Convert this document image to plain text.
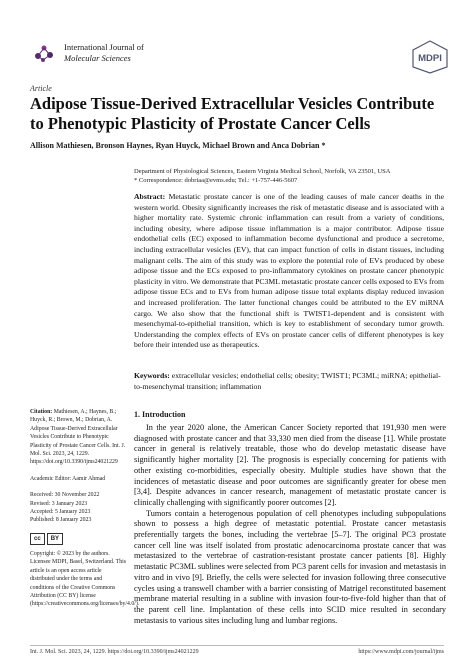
International Journal of
Molecular Sciences	MDPI
Article
Adipose Tissue-Derived Extracellular Vesicles Contribute to Phenotypic Plasticity of Prostate Cancer Cells
Allison Mathiesen, Bronson Haynes, Ryan Huyck, Michael Brown and Anca Dobrian *
Department of Physiological Sciences, Eastern Virginia Medical School, Norfolk, VA 23501, USA
* Correspondence: dobriaa@evms.edu; Tel.: +1-757-446-5607
Abstract: Metastatic prostate cancer is one of the leading causes of male cancer deaths in the western world. Obesity significantly increases the risk of metastatic disease and is associated with a higher mortality rate. Systemic chronic inflammation can result from a variety of conditions, including obesity, where adipose tissue inflammation is a major contributor. Adipose tissue endothelial cells (EC) exposed to inflammation become dysfunctional and produce a secretome, including extracellular vesicles (EV), that can impact function of cells in distant tissues, including malignant cells. The aim of this study was to explore the potential role of EVs produced by obese adipose tissue and the ECs exposed to pro-inflammatory cytokines on prostate cancer phenotypic plasticity in vitro. We demonstrate that PC3ML metastatic prostate cancer cells exposed to EVs from adipose tissue ECs and to EVs from human adipose tissue total explants display reduced invasion and increased proliferation. The latter functional changes could be attributed to the EV miRNA cargo. We also show that the functional shift is TWIST1-dependent and is consistent with mesenchymal-to-epithelial transition, which is key to establishment of secondary tumor growth. Understanding the complex effects of EVs on prostate cancer cells of different phenotypes is key before their intended use as therapeutics.
Keywords: extracellular vesicles; endothelial cells; obesity; TWIST1; PC3ML; miRNA; epithelial-to-mesenchymal transition; inflammation

Citation: Mathiesen, A.; Haynes, B.; Huyck, R.; Brown, M.; Dobrian, A. Adipose Tissue-Derived Extracellular Vesicles Contribute to Phenotypic Plasticity of Prostate Cancer Cells. Int. J. Mol. Sci. 2023, 24, 1229. https://doi.org/10.3390/ijms24021229

Academic Editor: Aamir Ahmad

Received: 30 November 2022
Revised: 3 January 2023
Accepted: 5 January 2023
Published: 8 January 2023

cc	BY

Copyright: © 2023 by the authors. Licensee MDPI, Basel, Switzerland. This article is an open access article distributed under the terms and conditions of the Creative Commons Attribution (CC BY) license (https://creativecommons.org/licenses/by/4.0/).

1. Introduction

In the year 2020 alone, the American Cancer Society reported that 191,930 men were diagnosed with prostate cancer and that 33,330 men died from the disease [1]. While prostate cancer in general is relatively treatable, those who do develop metastatic disease have significantly higher mortality [2]. The prognosis is especially concerning for patients with other existing co-morbidities, especially obesity. Multiple studies have shown that the incidences of metastatic disease and poor outcomes are significantly greater for obese men [3,4]. Despite advances in cancer research, management of metastatic prostate cancer is clinically challenging with significantly poorer outcomes [2].

Tumors contain a heterogenous population of cell phenotypes including subpopulations shown to possess a high degree of metastatic potential. Prostate cancer metastasis preferentially targets the bones, including the vertebrae [5–7]. The original PC3 prostate cancer cell line was itself isolated from prostatic adenocarcinoma prostate cancer that was metastasized to the vertebrae of castration-resistant prostate cancer patients [8]. Highly metastatic PC3ML sublines were selected from PC3 parent cells for invasion and metastasis in vitro and in vivo [9]. Briefly, the cells were selected for invasion following three consecutive cycles using a transwell chamber with a barrier consisting of Matrigel reconstituted basement membrane material resulting in a subline with invasion four-to-five-fold higher than that of the parent cell line. Implantation of these cells into SCID mice resulted in secondary metastasis to various sites including lung and lumbar regions.

Int. J. Mol. Sci. 2023, 24, 1229. https://doi.org/10.3390/ijms24021229	https://www.mdpi.com/journal/ijms
